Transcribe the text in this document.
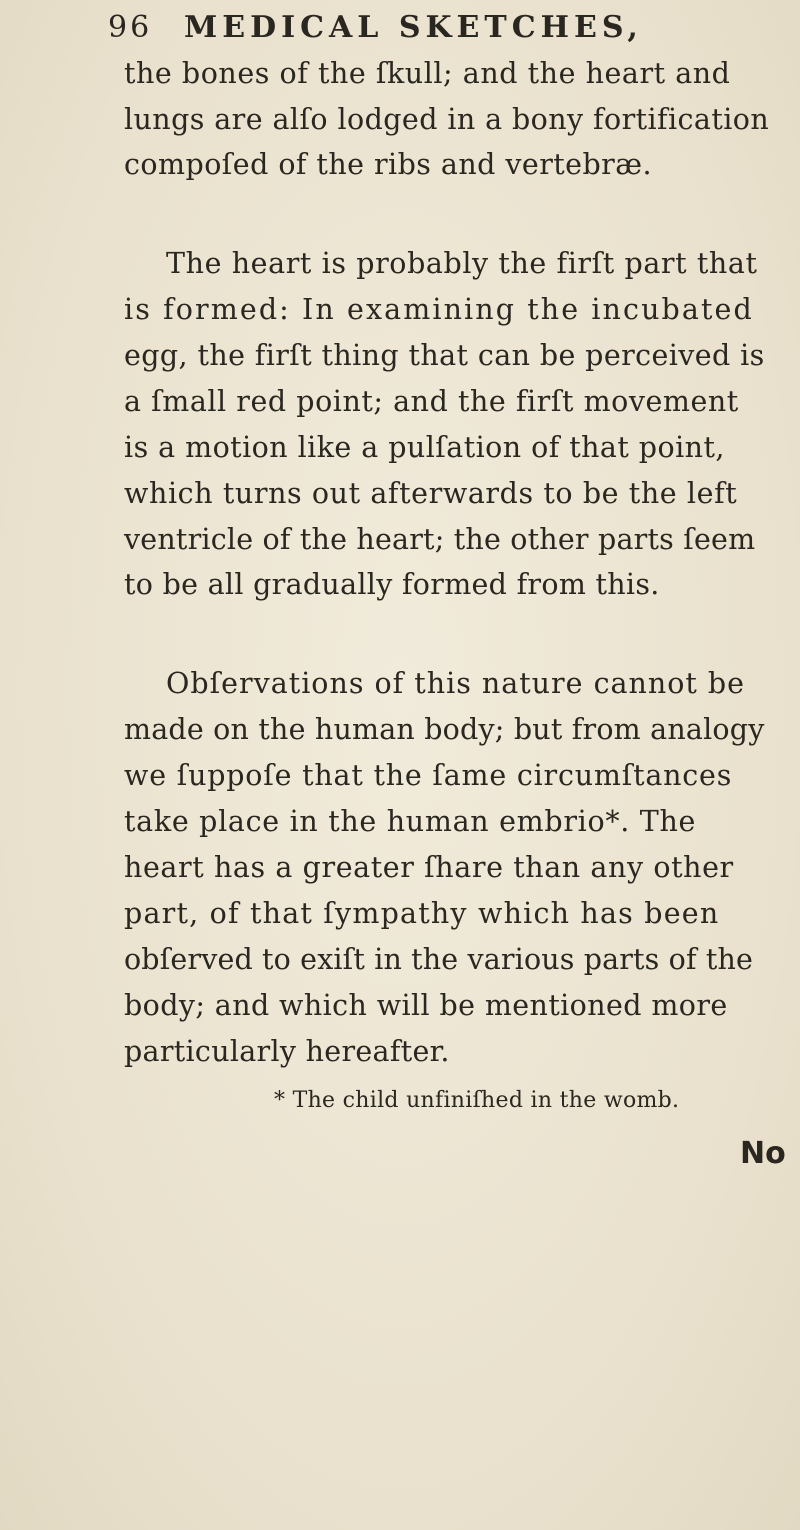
96 MEDICAL SKETCHES,
the bones of the ſkull; and the heart and
lungs are alſo lodged in a bony fortification
compoſed of the ribs and vertebræ.
The heart is probably the firſt part that
is formed: In examining the incubated
egg, the firſt thing that can be perceived is
a ſmall red point; and the firſt movement
is a motion like a pulſation of that point,
which turns out afterwards to be the left
ventricle of the heart; the other parts ſeem
to be all gradually formed from this.
Obſervations of this nature cannot be
made on the human body; but from analogy
we ſuppoſe that the ſame circumſtances
take place in the human embrio*. The
heart has a greater ſhare than any other
part, of that ſympathy which has been
obſerved to exiſt in the various parts of the
body; and which will be mentioned more
particularly hereafter.
* The child unfiniſhed in the womb.
No
